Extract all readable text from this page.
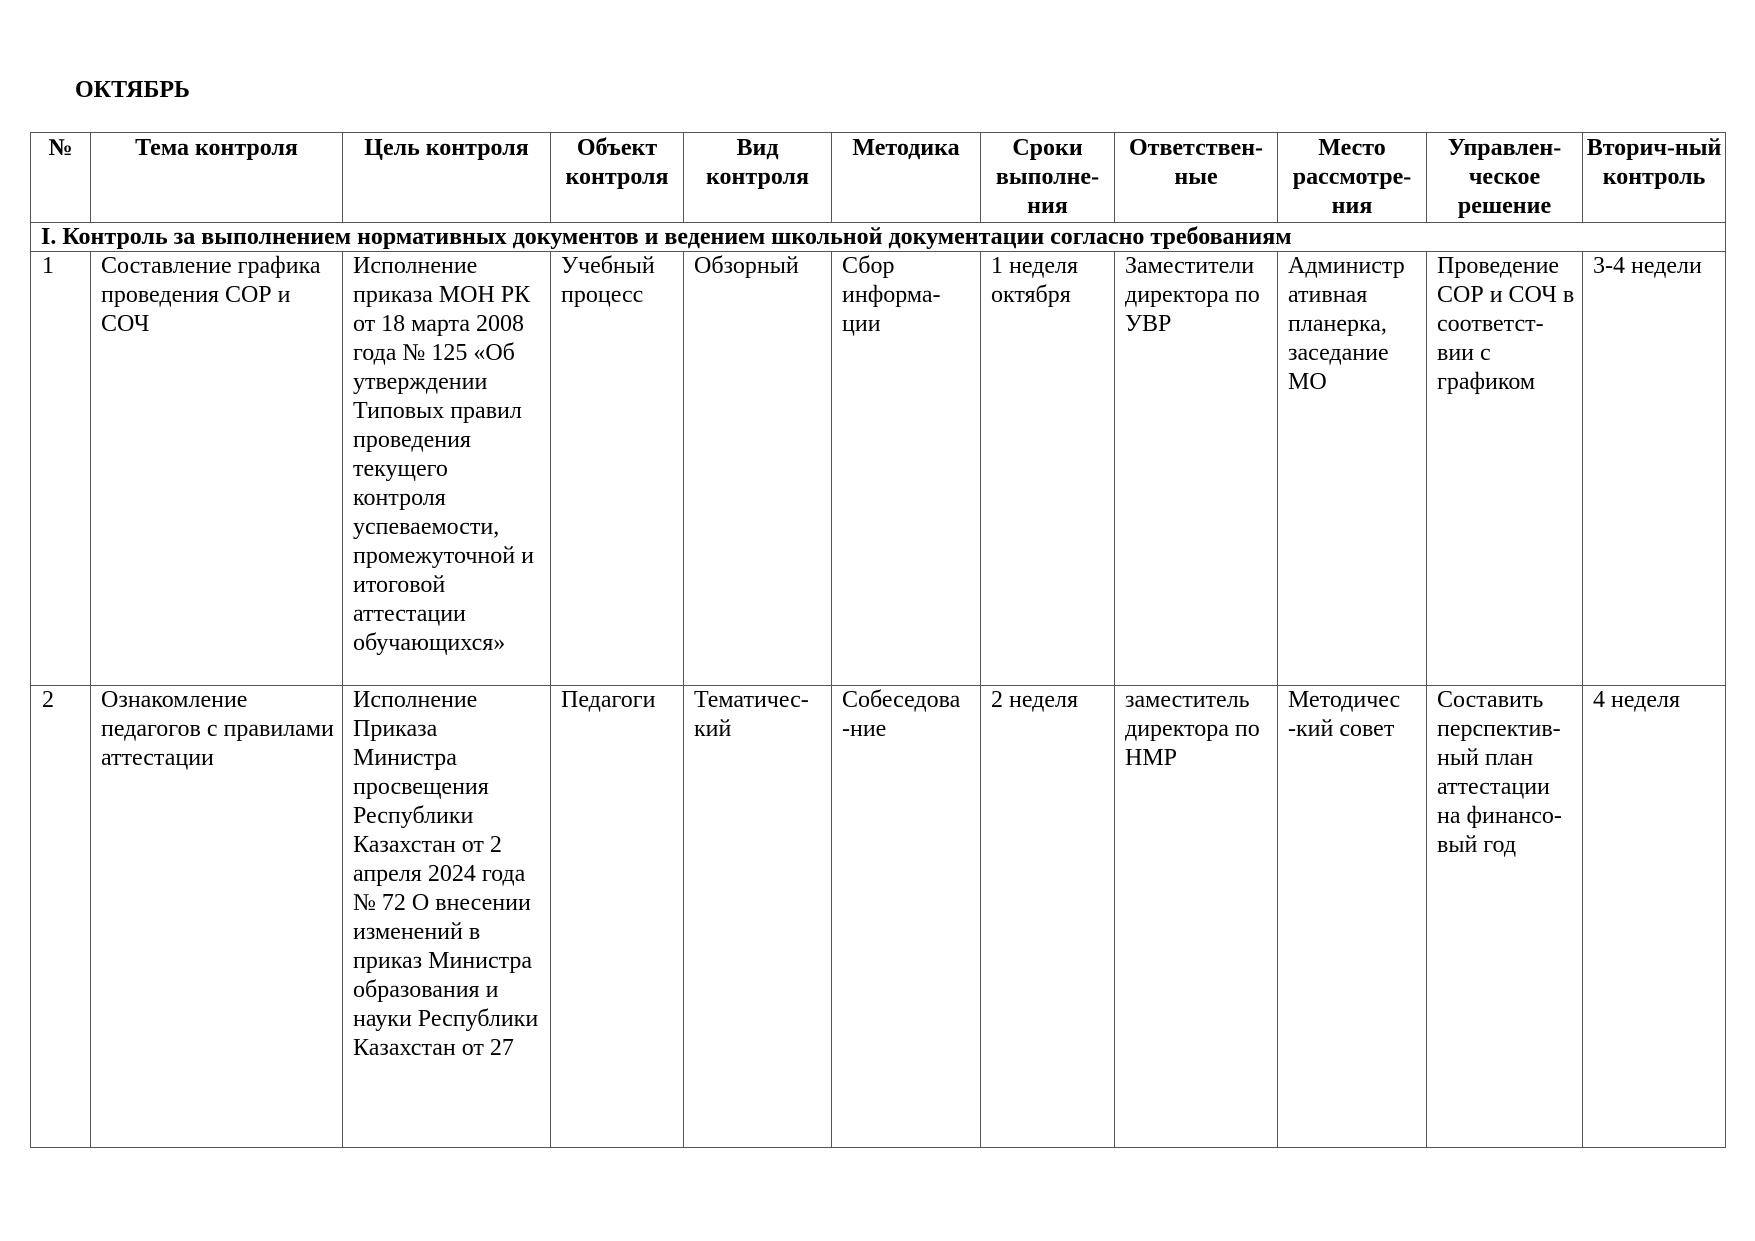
ОКТЯБРЬ
№	Тема контроля	Цель контроля	Объект контроля	Вид контроля	Методика	Сроки выполне-ния	Ответствен-ные	Место рассмотре-ния	Управлен-ческое решение	Вторич-ный контроль

I. Контроль за выполнением нормативных документов и ведением школьной документации согласно требованиям										
1	Составление графика проведения СОР и СОЧ	Исполнение приказа МОН РК от 18 марта 2008 года № 125 «Об утверждении Типовых правил проведения текущего контроля успеваемости, промежуточной и итоговой аттестации обучающихся»	Учебный процесс	Обзорный	Сбор информа-ции	1 неделя октября	Заместители директора по УВР	Администр ативная планерка, заседание МО	Проведение СОР и СОЧ в соответст-вии с графиком	3-4 недели
2	Ознакомление педагогов с правилами аттестации	Исполнение Приказа Министра просвещения Республики Казахстан от 2 апреля 2024 года № 72 О внесении изменений в приказ Министра образования и науки Республики Казахстан от 27	Педагоги	Тематичес-кий	Собеседова -ние	2 неделя	заместитель директора по НМР	Методичес -кий совет	Составить перспектив-ный план аттестации на финансо-вый год	4 неделя
